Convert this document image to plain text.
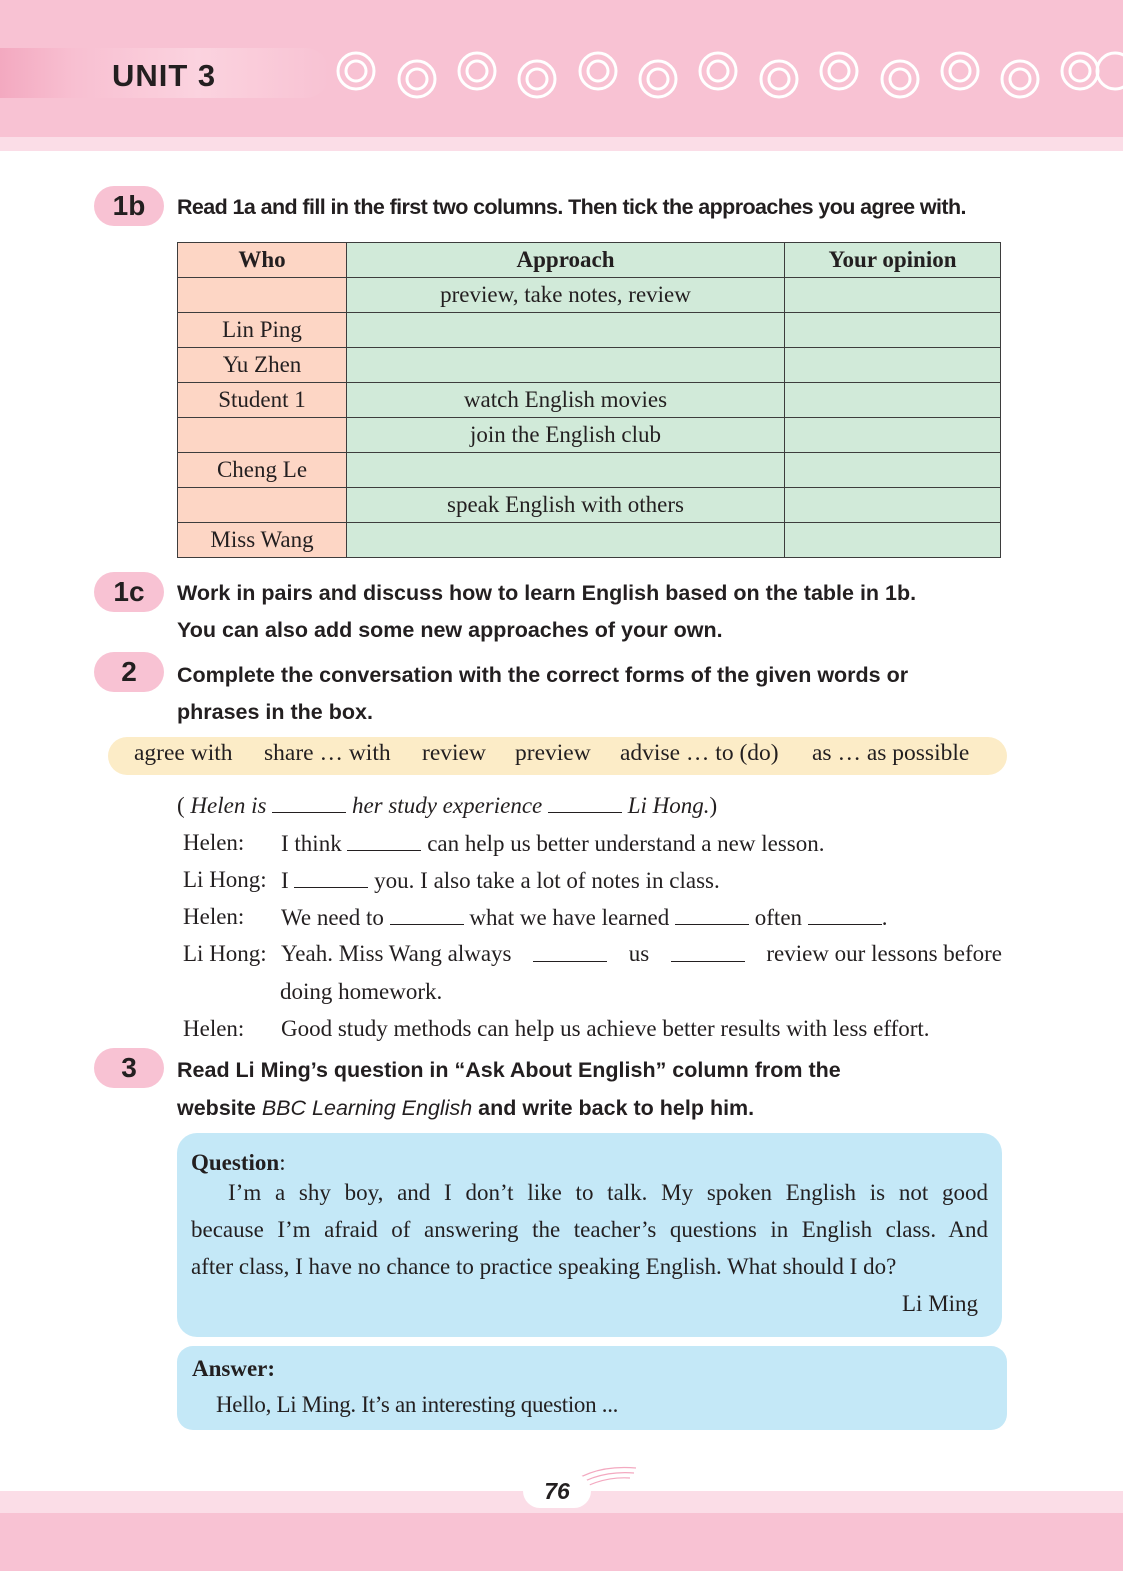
UNIT 3
1b	Read 1a and fill in the first two columns. Then tick the approaches you agree with.
Who	Approach	Your opinion
	preview, take notes, review	
Lin Ping		
Yu Zhen		
Student 1	watch English movies	
	join the English club	
Cheng Le		
	speak English with others	
Miss Wang		
1c	Work in pairs and discuss how to learn English based on the table in 1b.
You can also add some new approaches of your own.
2	Complete the conversation with the correct forms of the given words or
phrases in the box.
agree with share … with review preview advise … to (do) as … as possible
( Helen is	her study experience	Li Hong.)
Helen: I think	can help us better understand a new lesson.
Li Hong: I	you. I also take a lot of notes in class.
Helen: We need to	what we have learned	often	.
Li Hong: Yeah. Miss Wang always	us	review our lessons before
doing homework.
Helen: Good study methods can help us achieve better results with less effort.
3	Read Li Ming’s question in “Ask About English” column from the
website BBC Learning English and write back to help him.
Question:
I’m a shy boy, and I don’t like to talk. My spoken English is not good
because I’m afraid of answering the teacher’s questions in English class. And
after class, I have no chance to practice speaking English. What should I do?
Li Ming
Answer:
Hello, Li Ming. It’s an interesting question ...
76
